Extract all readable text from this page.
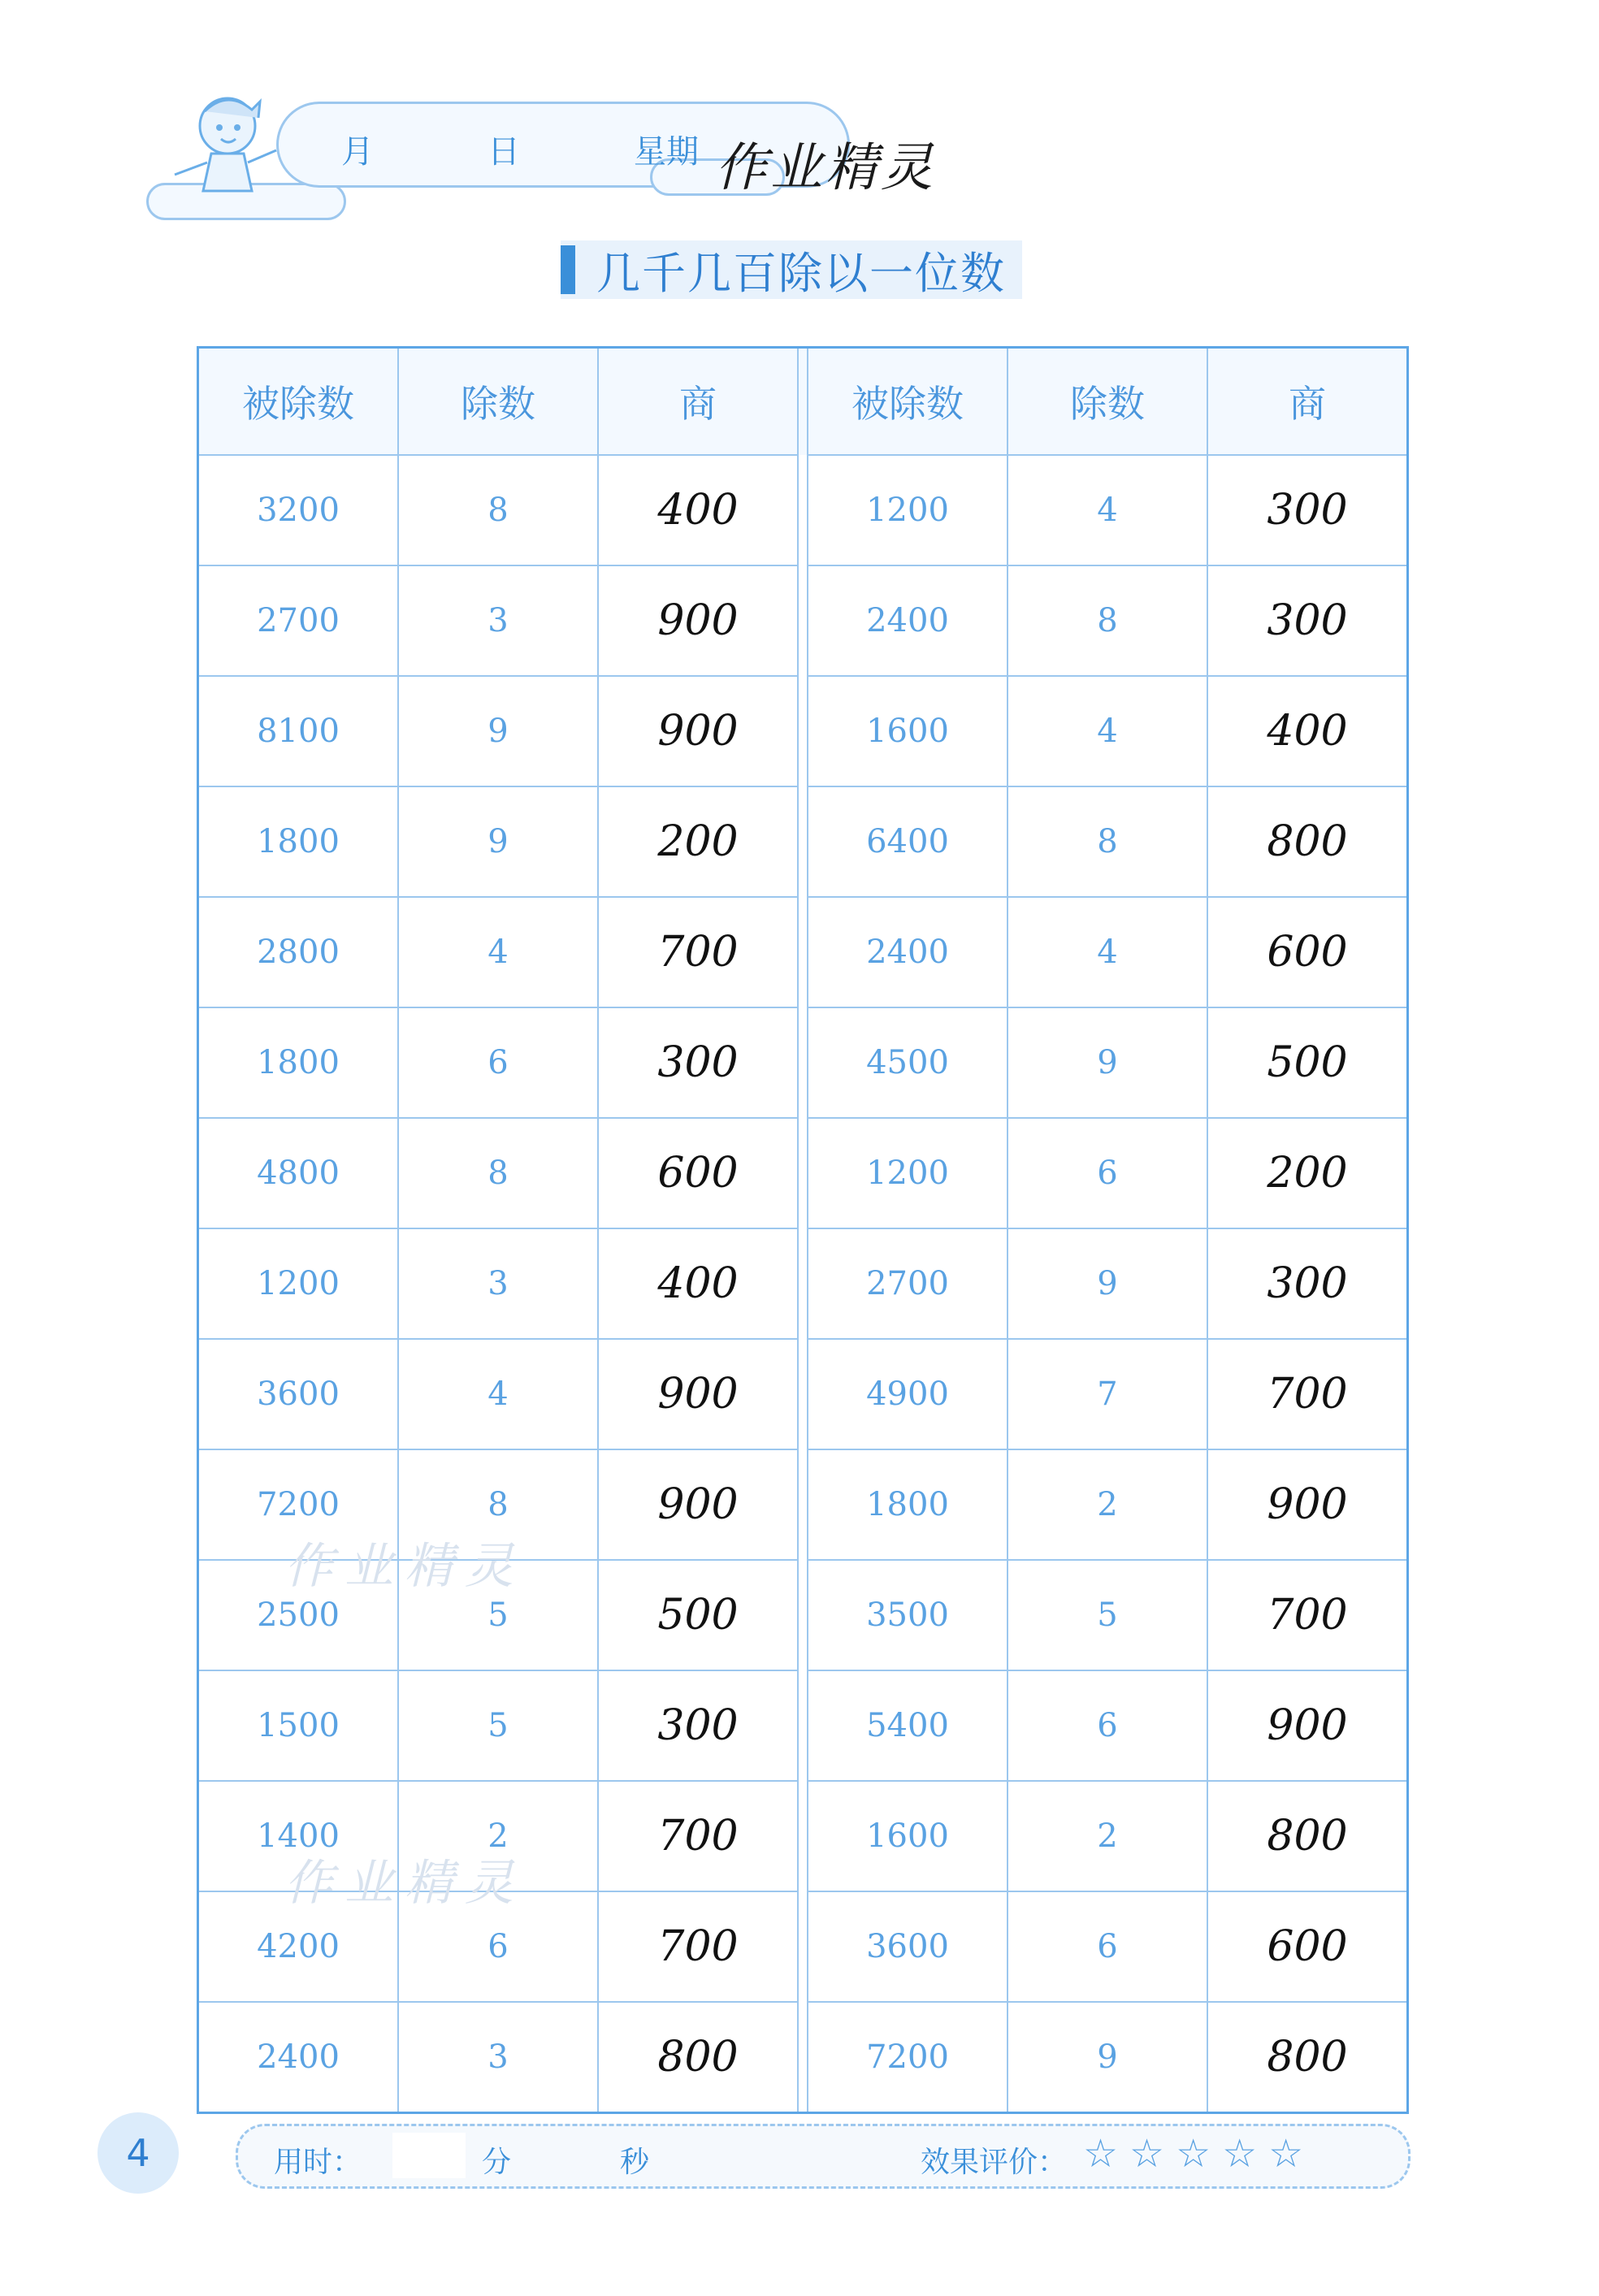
月	日	星期 作业精灵
几千几百除以一位数
被除数	除数	商		被除数	除数	商
3200	8	400		1200	4	300
2700	3	900		2400	8	300
8100	9	900		1600	4	400
1800	9	200		6400	8	800
2800	4	700		2400	4	600
1800	6	300		4500	9	500
4800	8	600		1200	6	200
1200	3	400		2700	9	300
3600	4	900		4900	7	700
7200	8	900		1800	2	900
2500	5	500		3500	5	700
1500	5	300		5400	6	900
1400	2	700		1600	2	800
4200	6	700		3600	6	600
2400	3	800		7200	9	800
作业精灵
作业精灵
4	用时：	分	秒	效果评价： ☆☆☆☆☆
